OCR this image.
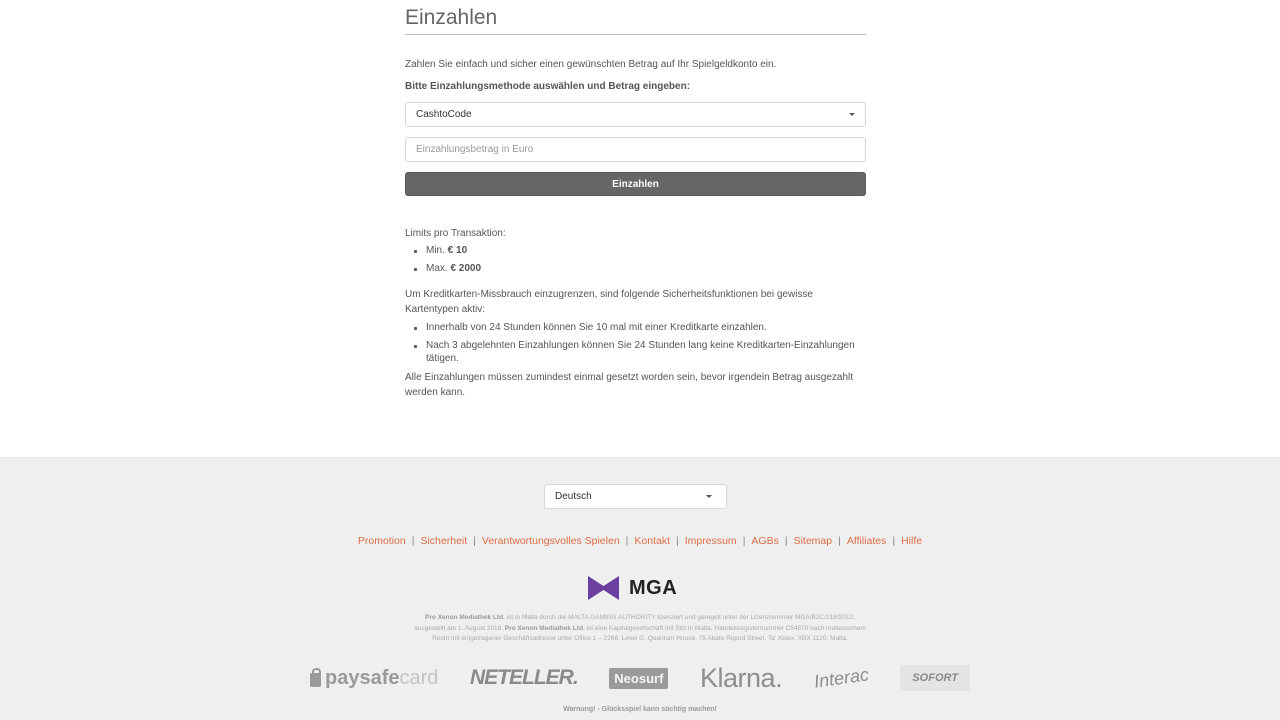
Einzahlen

Zahlen Sie einfach und sicher einen gewünschten Betrag auf Ihr Spielgeldkonto ein.

Bitte Einzahlungsmethode auswählen und Betrag eingeben:

CashtoCode
Einzahlungsbetrag in Euro Einzahlen

Limits pro Transaktion:

Min. € 10
Max. € 2000

Um Kreditkarten-Missbrauch einzugrenzen, sind folgende Sicherheitsfunktionen bei gewisse Kartentypen aktiv:

Innerhalb von 24 Stunden können Sie 10 mal mit einer Kreditkarte einzahlen.
Nach 3 abgelehnten Einzahlungen können Sie 24 Stunden lang keine Kreditkarten-Einzahlungen tätigen.

Alle Einzahlungen müssen zumindest einmal gesetzt worden sein, bevor irgendein Betrag ausgezahlt werden kann.

Deutsch
Promotion | Sicherheit | Verantwortungsvolles Spielen | Kontakt | Impressum | AGBs | Sitemap | Affiliates | Hilfe
MGA
Pro Xenon Mediathek Ltd. ist in Malta durch die MALTA GAMING AUTHORITY lizenziert und geregelt unter der Lizenznummer MGA/B2C/218/2012,
ausgestellt am 1. August 2018. Pro Xenon Mediathek Ltd. ist eine Kapitalgesellschaft mit Sitz in Malta, Handelsregisternummer C54870 nach maltesischem
Recht mit eingetragener Geschäftsadresse unter Office 1 – 2268, Level G, Quantum House, 75 Abate Rigord Street, Ta' Xbiex, XBX 1120, Malta.
paysafe card NETELLER.	Neosurf Klarna. Interac	SOFORT
Warnung! - Glücksspiel kann süchtig machen!
